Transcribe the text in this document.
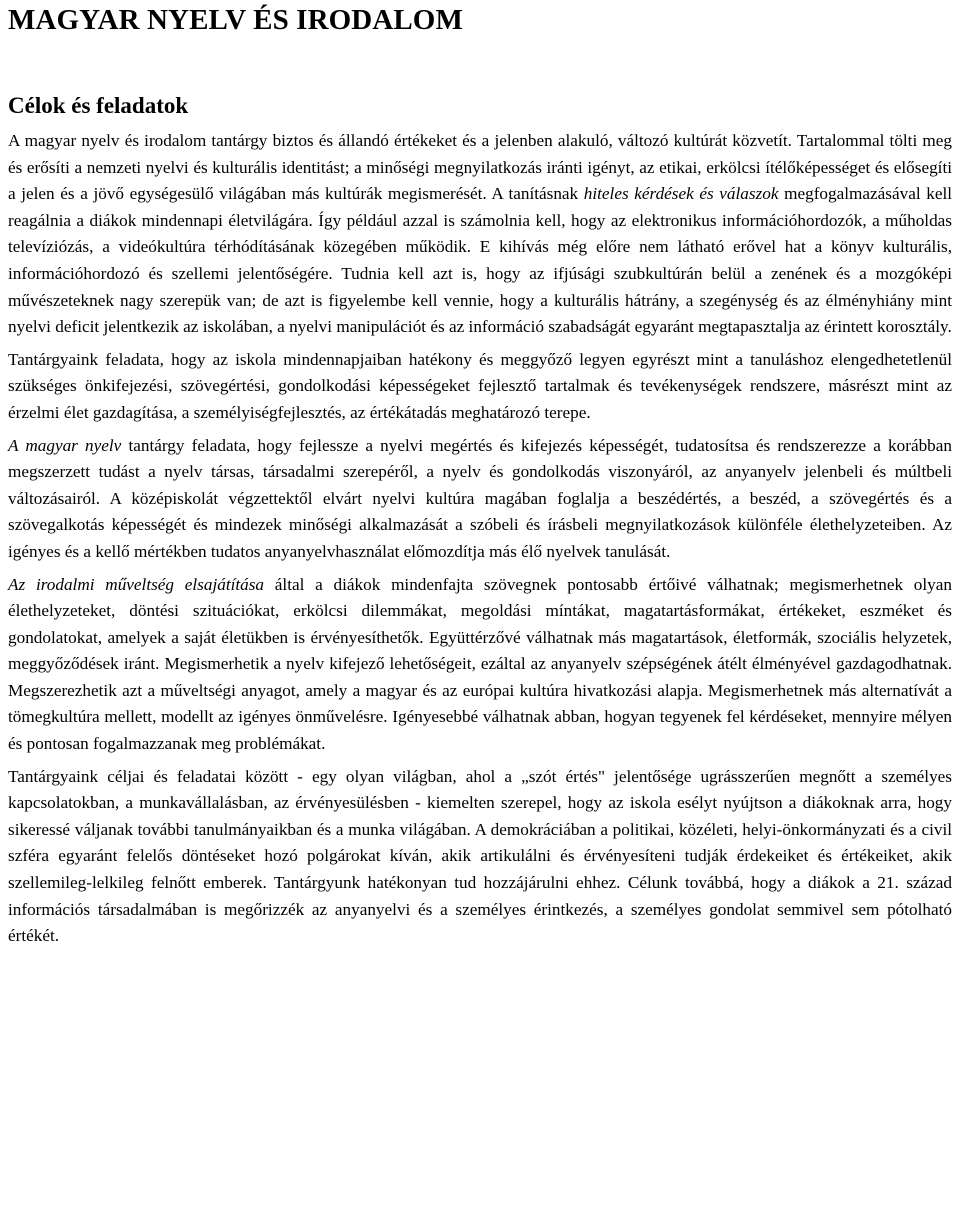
MAGYAR NYELV ÉS IRODALOM
Célok és feladatok

A magyar nyelv és irodalom tantárgy biztos és állandó értékeket és a jelenben alakuló, változó kultúrát közvetít. Tartalommal tölti meg és erősíti a nemzeti nyelvi és kulturális identitást; a minőségi megnyilatkozás iránti igényt, az etikai, erkölcsi ítélőképességet és elősegíti a jelen és a jövő egységesülő világában más kultúrák megismerését. A tanításnak hiteles kérdések és válaszok megfogalmazásával kell reagálnia a diákok mindennapi életvilágára. Így például azzal is számolnia kell, hogy az elektronikus információhordozók, a műholdas televíziózás, a videókultúra térhódításának közegében működik. E kihívás még előre nem látható erővel hat a könyv kulturális, információhordozó és szellemi jelentőségére. Tudnia kell azt is, hogy az ifjúsági szubkultúrán belül a zenének és a mozgóképi művészeteknek nagy szerepük van; de azt is figyelembe kell vennie, hogy a kulturális hátrány, a szegénység és az élményhiány mint nyelvi deficit jelentkezik az iskolában, a nyelvi manipulációt és az információ szabadságát egyaránt megtapasztalja az érintett korosztály.

Tantárgyaink feladata, hogy az iskola mindennapjaiban hatékony és meggyőző legyen egyrészt mint a tanuláshoz elengedhetetlenül szükséges önkifejezési, szövegértési, gondolkodási képességeket fejlesztő tartalmak és tevékenységek rendszere, másrészt mint az érzelmi élet gazdagítása, a személyiségfejlesztés, az értékátadás meghatározó terepe.

A magyar nyelv tantárgy feladata, hogy fejlessze a nyelvi megértés és kifejezés képességét, tudatosítsa és rendszerezze a korábban megszerzett tudást a nyelv társas, társadalmi szerepéről, a nyelv és gondolkodás viszonyáról, az anyanyelv jelenbeli és múltbeli változásairól. A középiskolát végzettektől elvárt nyelvi kultúra magában foglalja a beszédértés, a beszéd, a szövegértés és a szövegalkotás képességét és mindezek minőségi alkalmazását a szóbeli és írásbeli megnyilatkozások különféle élethelyzeteiben. Az igényes és a kellő mértékben tudatos anyanyelvhasználat előmozdítja más élő nyelvek tanulását.

Az irodalmi műveltség elsajátítása által a diákok mindenfajta szövegnek pontosabb értőivé válhatnak; megismerhetnek olyan élethelyzeteket, döntési szituációkat, erkölcsi dilemmákat, megoldási míntákat, magatartásformákat, értékeket, eszméket és gondolatokat, amelyek a saját életükben is érvényesíthetők. Együttérzővé válhatnak más magatartások, életformák, szociális helyzetek, meggyőződések iránt. Megismerhetik a nyelv kifejező lehetőségeit, ezáltal az anyanyelv szépségének átélt élményével gazdagodhatnak. Megszerezhetik azt a műveltségi anyagot, amely a magyar és az európai kultúra hivatkozási alapja. Megismerhetnek más alternatívát a tömegkultúra mellett, modellt az igényes önművelésre. Igényesebbé válhatnak abban, hogyan tegyenek fel kérdéseket, mennyire mélyen és pontosan fogalmazzanak meg problémákat.

Tantárgyaink céljai és feladatai között - egy olyan világban, ahol a „szót értés" jelentősége ugrásszerűen megnőtt a személyes kapcsolatokban, a munkavállalásban, az érvényesülésben - kiemelten szerepel, hogy az iskola esélyt nyújtson a diákoknak arra, hogy sikeressé váljanak további tanulmányaikban és a munka világában. A demokráciában a politikai, közéleti, helyi-önkormányzati és a civil szféra egyaránt felelős döntéseket hozó polgárokat kíván, akik artikulálni és érvényesíteni tudják érdekeiket és értékeiket, akik szellemileg-lelkileg felnőtt emberek. Tantárgyunk hatékonyan tud hozzájárulni ehhez. Célunk továbbá, hogy a diákok a 21. század információs társadalmában is megőrizzék az anyanyelvi és a személyes érintkezés, a személyes gondolat semmivel sem pótolható értékét.
